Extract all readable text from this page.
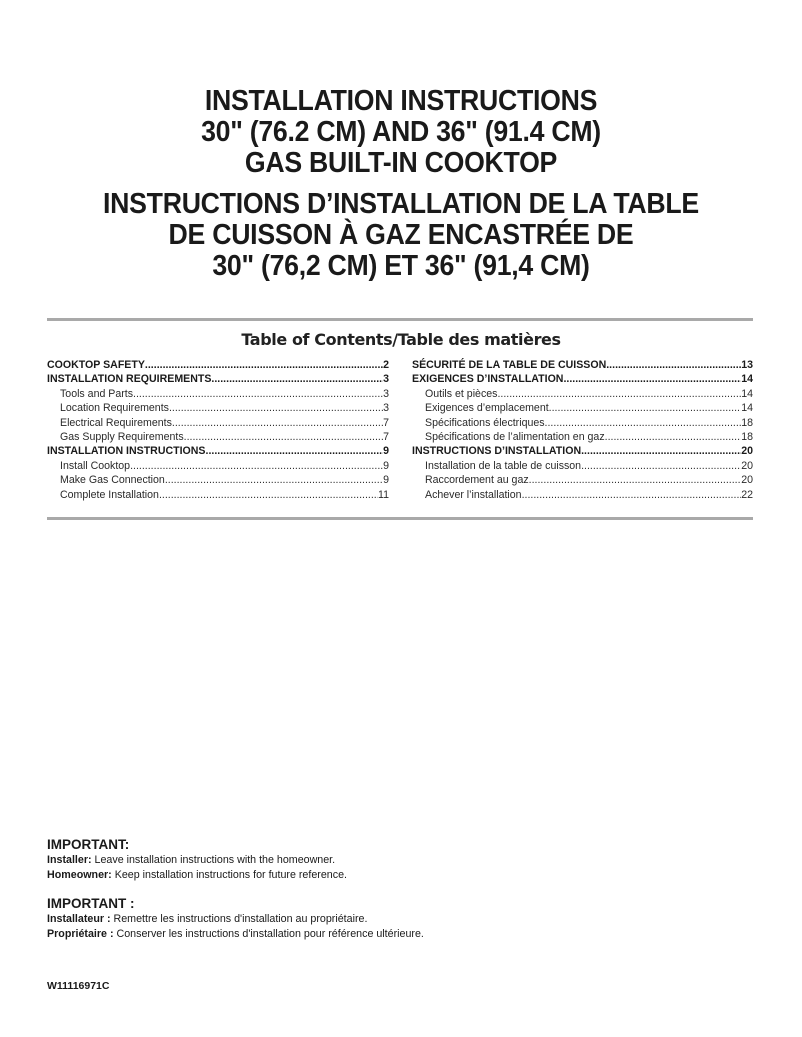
INSTALLATION INSTRUCTIONS
30" (76.2 CM) AND 36" (91.4 CM)
GAS BUILT-IN COOKTOP
INSTRUCTIONS D’INSTALLATION DE LA TABLE
DE CUISSON À GAZ ENCASTRÉE DE
30" (76,2 CM) ET 36" (91,4 CM)
Table of Contents/Table des matières
COOKTOP SAFETY .....	2
INSTALLATION REQUIREMENTS .....	3
Tools and Parts .....	3
Location Requirements .....	3
Electrical Requirements .....	7
Gas Supply Requirements .....	7
INSTALLATION INSTRUCTIONS .....	9
Install Cooktop .....	9
Make Gas Connection .....	9
Complete Installation .....	11
SÉCURITÉ DE LA TABLE DE CUISSON .....	13
EXIGENCES D’INSTALLATION .....	14
Outils et pièces .....	14
Exigences d’emplacement .....	14
Spécifications électriques .....	18
Spécifications de l’alimentation en gaz .....	18
INSTRUCTIONS D’INSTALLATION .....	20
Installation de la table de cuisson .....	20
Raccordement au gaz .....	20
Achever l’installation .....	22
IMPORTANT:
Installer: Leave installation instructions with the homeowner.
Homeowner: Keep installation instructions for future reference.
IMPORTANT :
Installateur : Remettre les instructions d'installation au propriétaire.
Propriétaire : Conserver les instructions d'installation pour référence ultérieure.
W11116971C
